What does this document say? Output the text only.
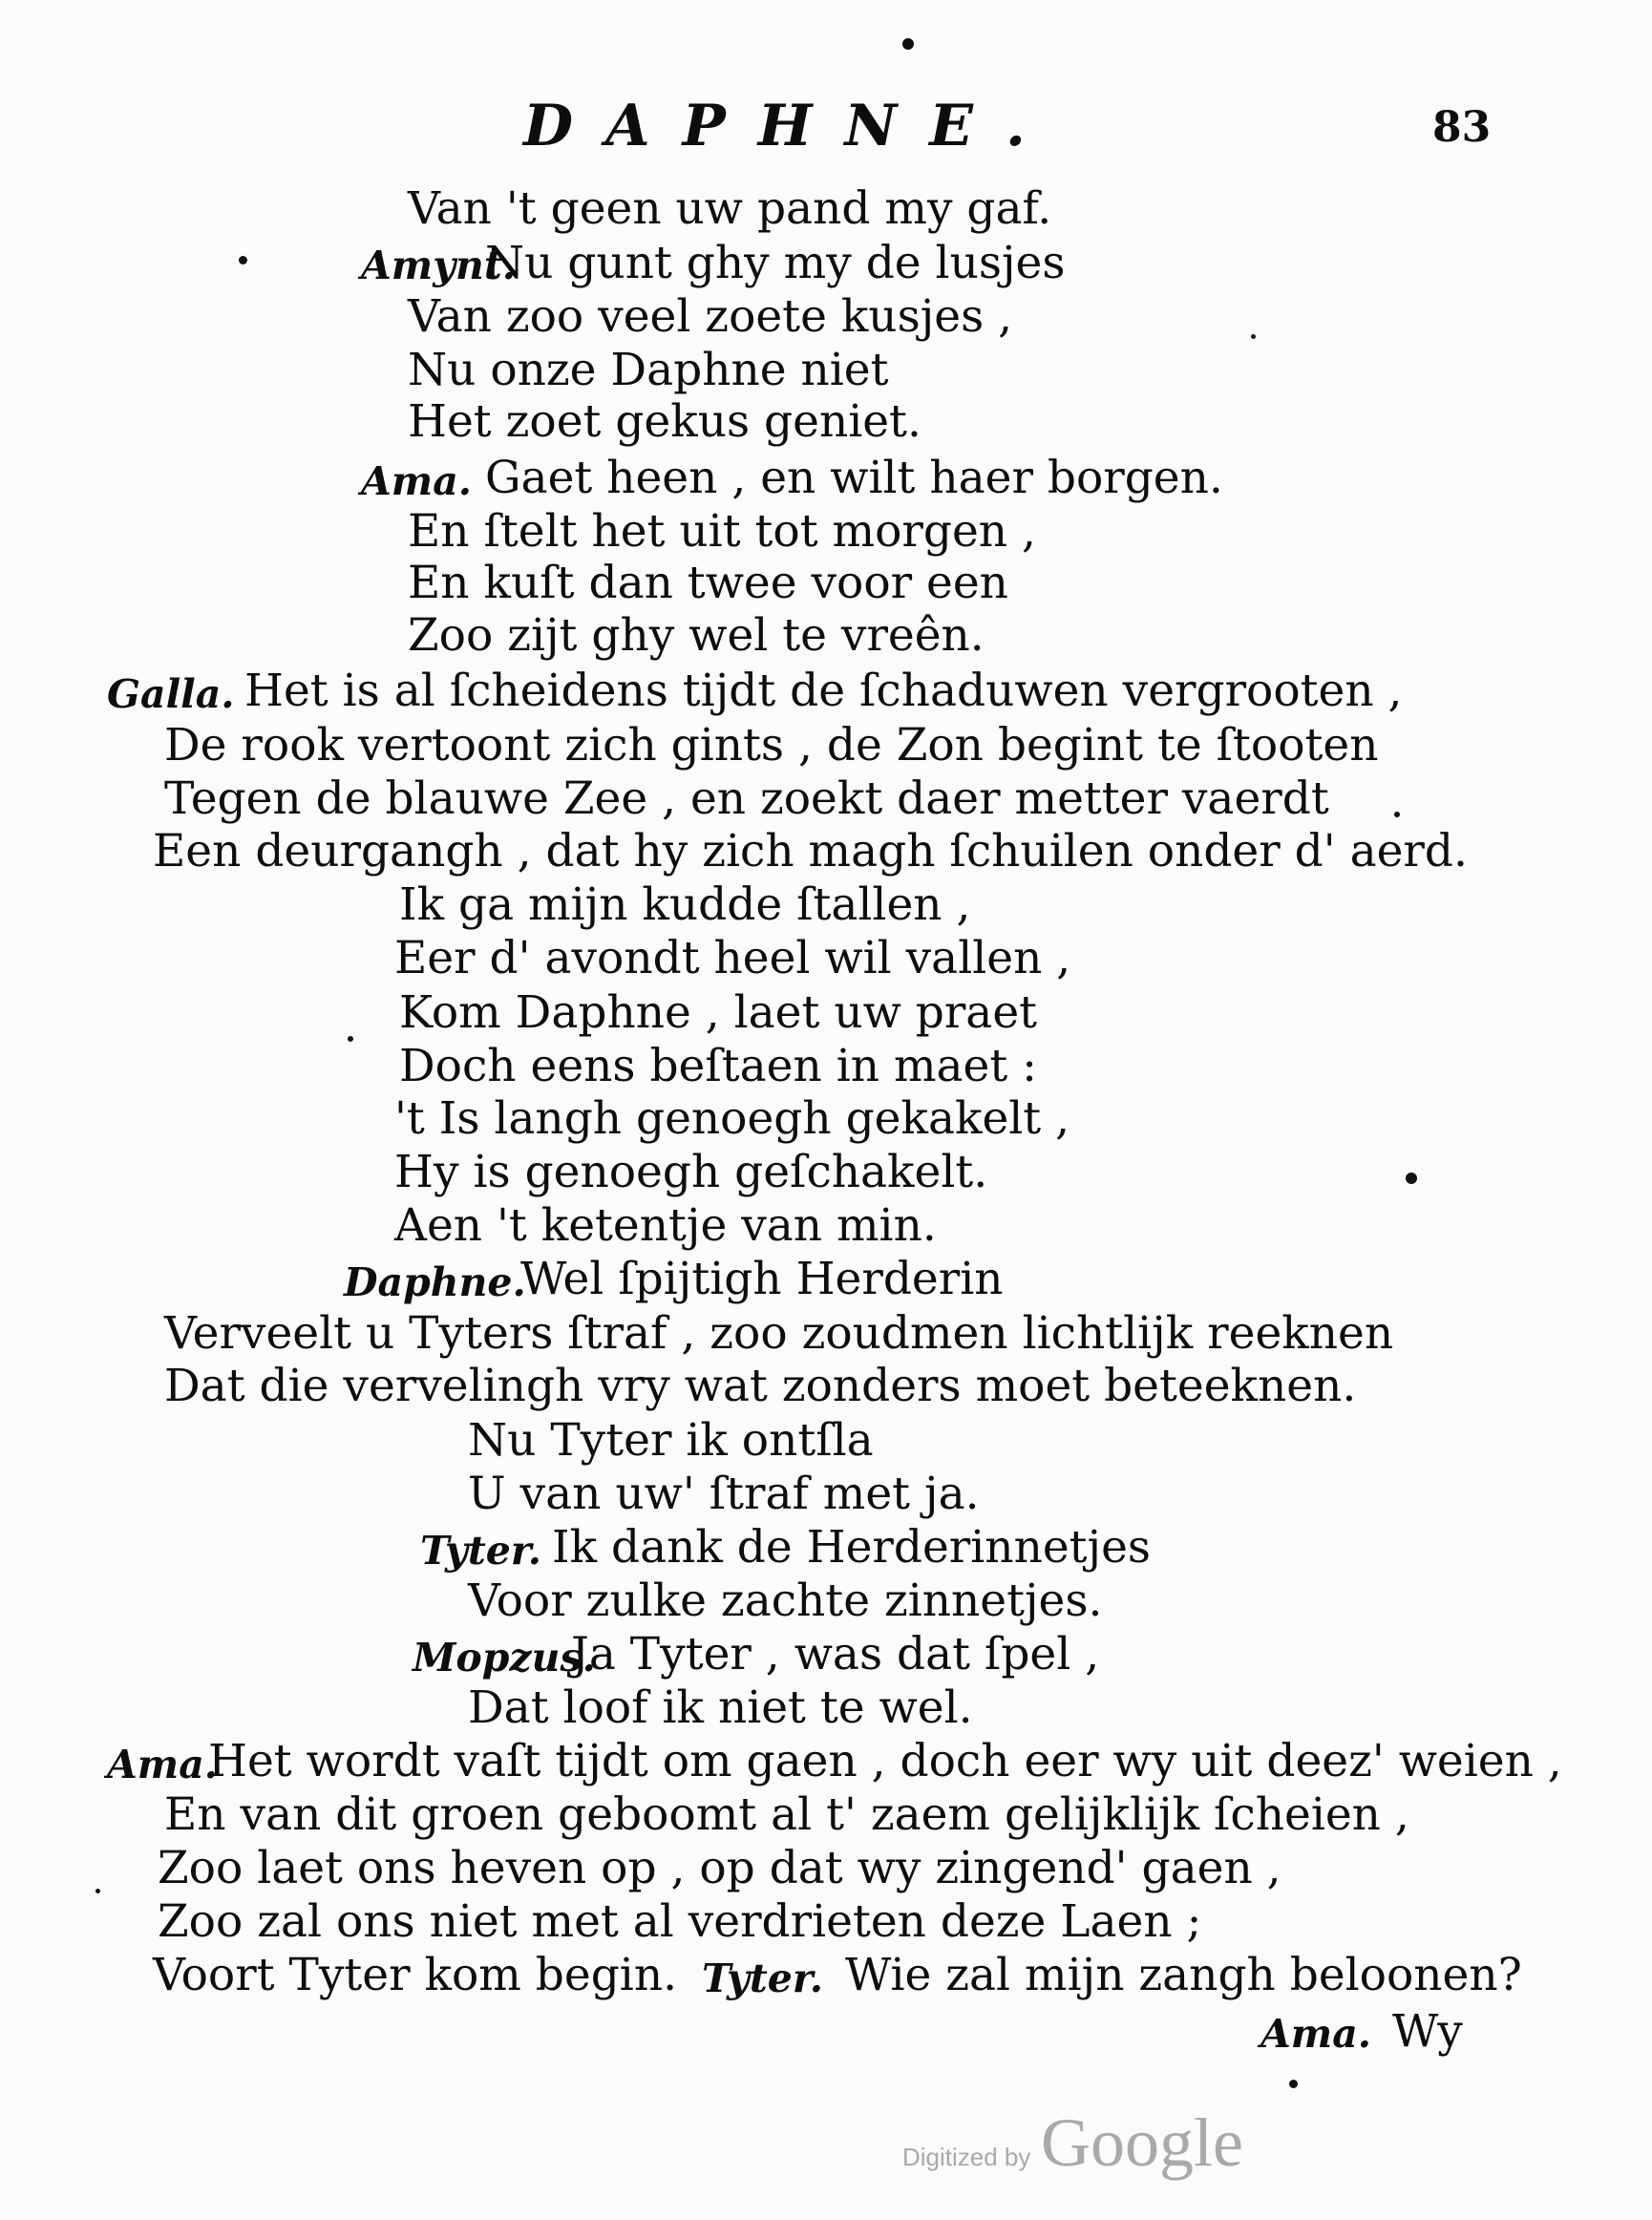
DAPHNE.	83
Van 't geen uw pand my gaf.
Amynt.
Nu gunt ghy my de lusjes
Van zoo veel zoete kusjes ,
Nu onze Daphne niet
Het zoet gekus geniet.
Ama. Gaet heen , en wilt haer borgen.
En ſtelt het uit tot morgen ,
En kuſt dan twee voor een
Zoo zijt ghy wel te vreên.
Galla. Het is al ſcheidens tijdt de ſchaduwen vergrooten ,
De rook vertoont zich gints , de Zon begint te ſtooten
Tegen de blauwe Zee , en zoekt daer metter vaerdt
Een deurgangh , dat hy zich magh ſchuilen onder d' aerd.
Ik ga mijn kudde ſtallen ,
Eer d' avondt heel wil vallen ,
Kom Daphne , laet uw praet
Doch eens beſtaen in maet :
't Is langh genoegh gekakelt ,
Hy is genoegh geſchakelt.
Aen 't ketentje van min.
Daphne.
Wel ſpijtigh Herderin
Verveelt u Tyters ſtraf , zoo zoudmen lichtlijk reeknen
Dat die vervelingh vry wat zonders moet beteeknen.
Nu Tyter ik ontſla
U van uw' ſtraf met ja.
Tyter. Ik dank de Herderinnetjes
Voor zulke zachte zinnetjes.
Mopzus.
Ja Tyter , was dat ſpel ,
Dat loof ik niet te wel.
Ama.
Het wordt vaſt tijdt om gaen , doch eer wy uit deez' weien ,
En van dit groen geboomt al t' zaem gelijklijk ſcheien ,
Zoo laet ons heven op , op dat wy zingend' gaen ,
Zoo zal ons niet met al verdrieten deze Laen ;
Voort Tyter kom begin. Tyter. Wie zal mijn zangh beloonen?
Ama. Wy
Digitized by Google
